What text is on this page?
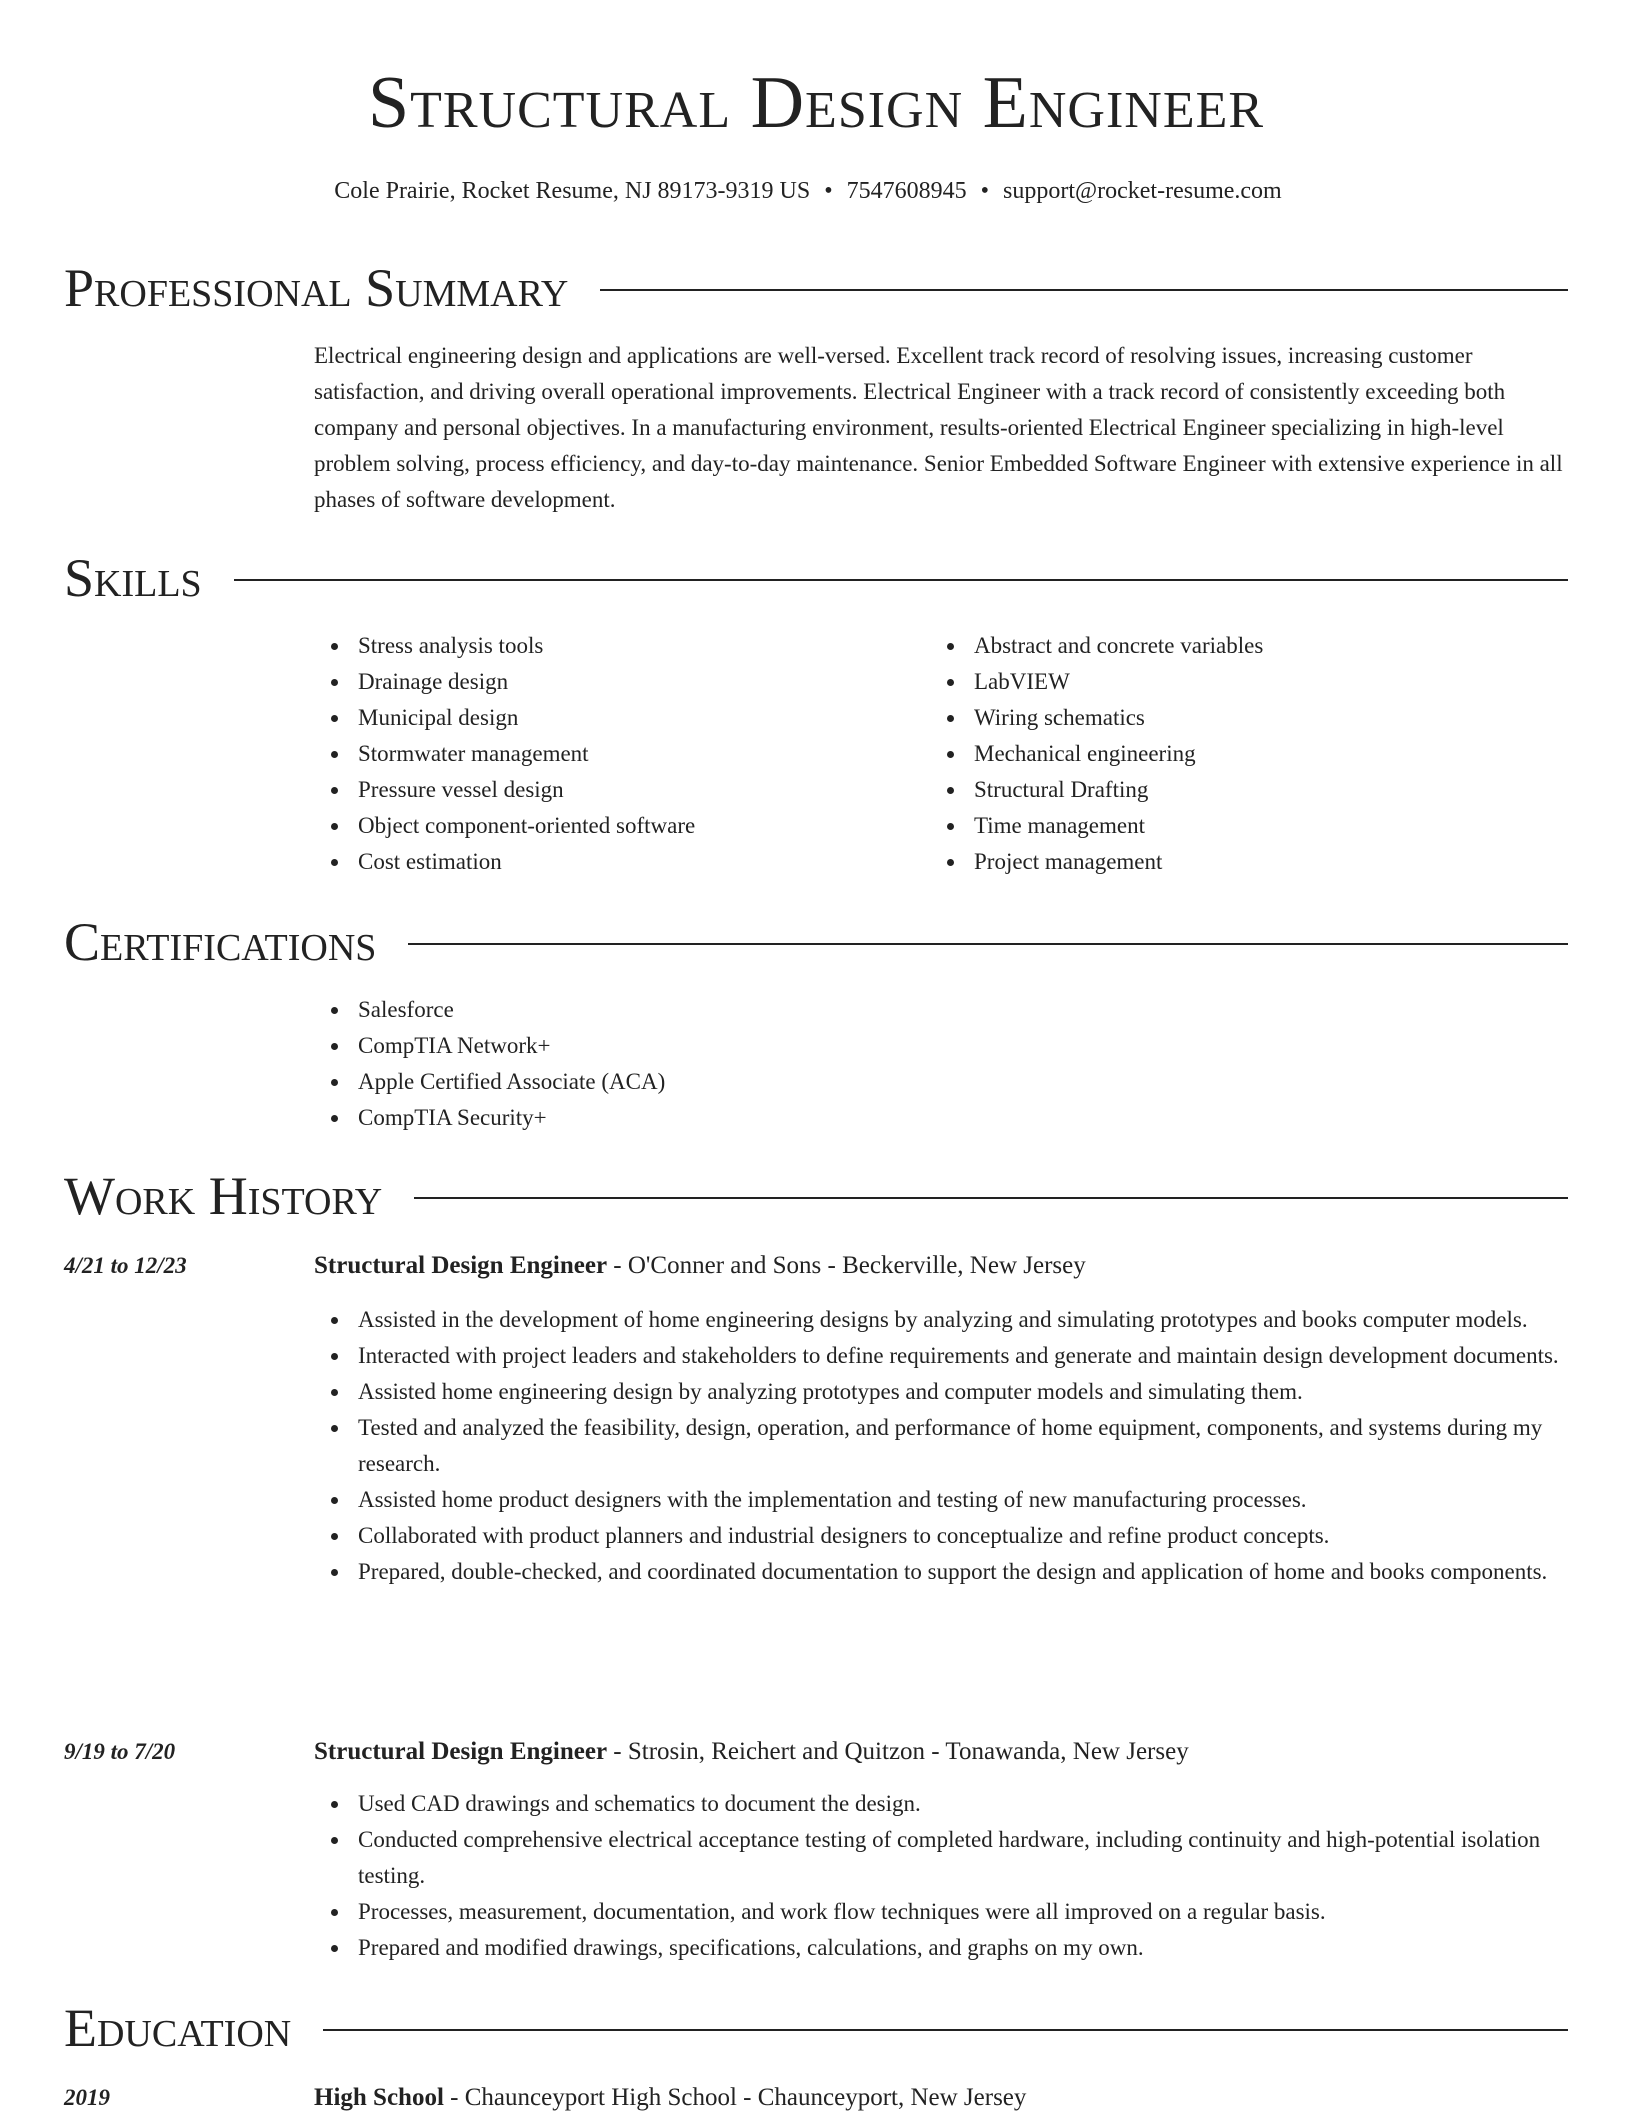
Structural Design Engineer
Cole Prairie, Rocket Resume, NJ 89173-9319 US • 7547608945 • support@rocket-resume.com
Professional Summary
Electrical engineering design and applications are well-versed. Excellent track record of resolving issues, increasing customer satisfaction, and driving overall operational improvements. Electrical Engineer with a track record of consistently exceeding both company and personal objectives. In a manufacturing environment, results-oriented Electrical Engineer specializing in high-level problem solving, process efficiency, and day-to-day maintenance. Senior Embedded Software Engineer with extensive experience in all phases of software development.
Skills
Stress analysis tools
Drainage design
Municipal design
Stormwater management
Pressure vessel design
Object component-oriented software
Cost estimation
Abstract and concrete variables
LabVIEW
Wiring schematics
Mechanical engineering
Structural Drafting
Time management
Project management
Certifications
Salesforce
CompTIA Network+
Apple Certified Associate (ACA)
CompTIA Security+
Work History
4/21 to 12/23	Structural Design Engineer - O'Conner and Sons - Beckerville, New Jersey
Assisted in the development of home engineering designs by analyzing and simulating prototypes and books computer models.
Interacted with project leaders and stakeholders to define requirements and generate and maintain design development documents.
Assisted home engineering design by analyzing prototypes and computer models and simulating them.
Tested and analyzed the feasibility, design, operation, and performance of home equipment, components, and systems during my research.
Assisted home product designers with the implementation and testing of new manufacturing processes.
Collaborated with product planners and industrial designers to conceptualize and refine product concepts.
Prepared, double-checked, and coordinated documentation to support the design and application of home and books components.
9/19 to 7/20	Structural Design Engineer - Strosin, Reichert and Quitzon - Tonawanda, New Jersey
Used CAD drawings and schematics to document the design.
Conducted comprehensive electrical acceptance testing of completed hardware, including continuity and high-potential isolation testing.
Processes, measurement, documentation, and work flow techniques were all improved on a regular basis.
Prepared and modified drawings, specifications, calculations, and graphs on my own.
Education
2019	High School - Chaunceyport High School - Chaunceyport, New Jersey
